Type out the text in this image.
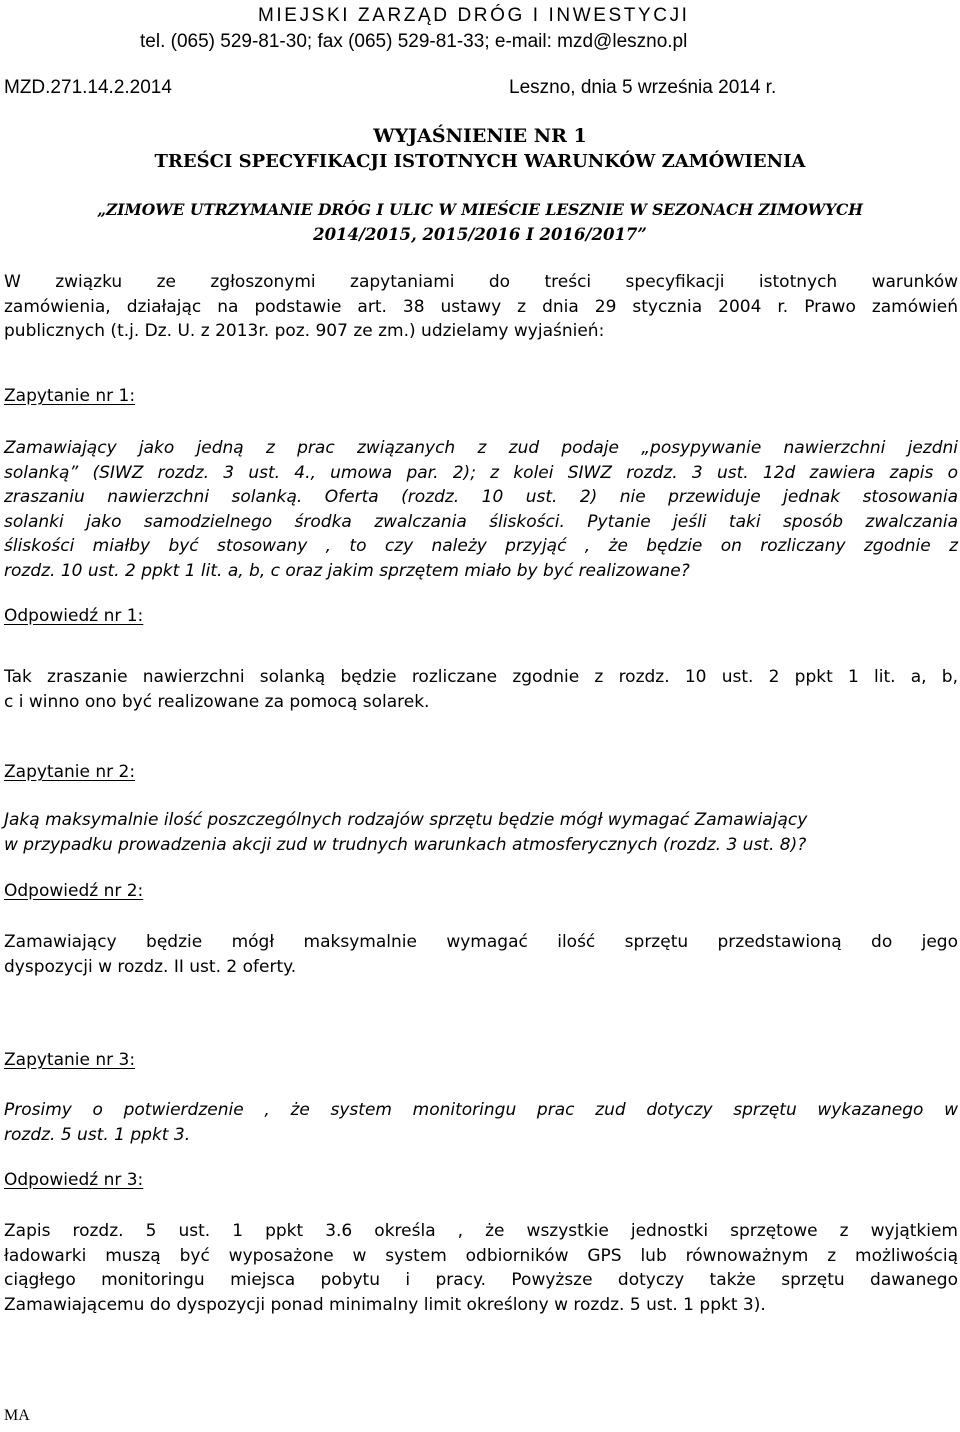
MIEJSKI ZARZĄD DRÓG I INWESTYCJI
tel. (065) 529-81-30; fax (065) 529-81-33; e-mail: mzd@leszno.pl
MZD.271.14.2.2014	Leszno, dnia 5 września 2014 r.
WYJAŚNIENIE NR 1
TREŚCI SPECYFIKACJI ISTOTNYCH WARUNKÓW ZAMÓWIENIA
„ZIMOWE UTRZYMANIE DRÓG I ULIC W MIEŚCIE LESZNIE W SEZONACH ZIMOWYCH
2014/2015, 2015/2016 I 2016/2017”
W związku ze zgłoszonymi zapytaniami do treści specyfikacji istotnych warunków
zamówienia, działając na podstawie art. 38 ustawy z dnia 29 stycznia 2004 r. Prawo zamówień
publicznych (t.j. Dz. U. z 2013r. poz. 907 ze zm.) udzielamy wyjaśnień:
Zapytanie nr 1:
Zamawiający jako jedną z prac związanych z zud podaje „posypywanie nawierzchni jezdni
solanką” (SIWZ rozdz. 3 ust. 4., umowa par. 2); z kolei SIWZ rozdz. 3 ust. 12d zawiera zapis o
zraszaniu nawierzchni solanką. Oferta (rozdz. 10 ust. 2) nie przewiduje jednak stosowania
solanki jako samodzielnego środka zwalczania śliskości. Pytanie jeśli taki sposób zwalczania
śliskości miałby być stosowany , to czy należy przyjąć , że będzie on rozliczany zgodnie z
rozdz. 10 ust. 2 ppkt 1 lit. a, b, c oraz jakim sprzętem miało by być realizowane?
Odpowiedź nr 1:
Tak zraszanie nawierzchni solanką będzie rozliczane zgodnie z rozdz. 10 ust. 2 ppkt 1 lit. a, b,
c i winno ono być realizowane za pomocą solarek.
Zapytanie nr 2:
Jaką maksymalnie ilość poszczególnych rodzajów sprzętu będzie mógł wymagać Zamawiający
w przypadku prowadzenia akcji zud w trudnych warunkach atmosferycznych (rozdz. 3 ust. 8)?
Odpowiedź nr 2:
Zamawiający będzie mógł maksymalnie wymagać ilość sprzętu przedstawioną do jego
dyspozycji w rozdz. II ust. 2 oferty.
Zapytanie nr 3:
Prosimy o potwierdzenie , że system monitoringu prac zud dotyczy sprzętu wykazanego w
rozdz. 5 ust. 1 ppkt 3.
Odpowiedź nr 3:
Zapis rozdz. 5 ust. 1 ppkt 3.6 określa , że wszystkie jednostki sprzętowe z wyjątkiem
ładowarki muszą być wyposażone w system odbiorników GPS lub równoważnym z możliwością
ciągłego monitoringu miejsca pobytu i pracy. Powyższe dotyczy także sprzętu dawanego
Zamawiającemu do dyspozycji ponad minimalny limit określony w rozdz. 5 ust. 1 ppkt 3).
MA
